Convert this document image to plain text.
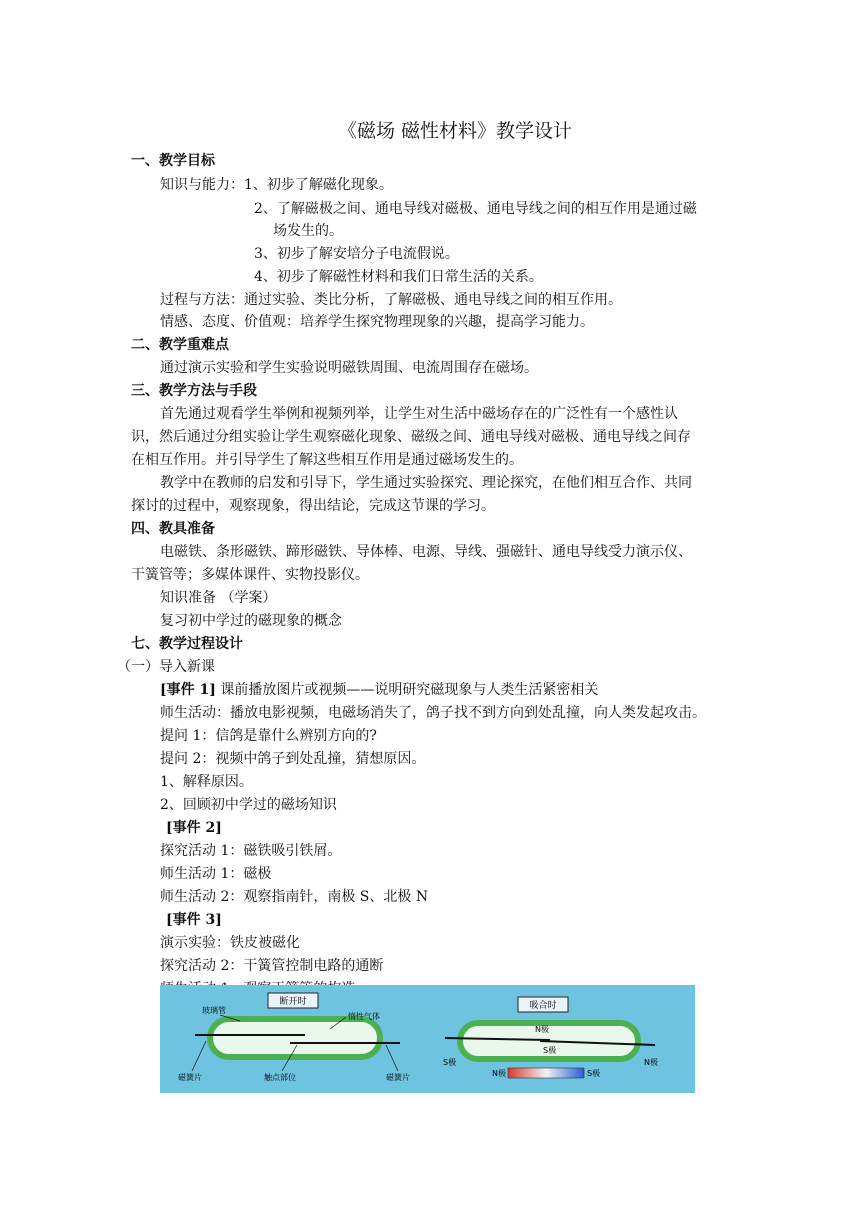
《磁场 磁性材料》教学设计
一、教学目标
知识与能力：1、初步了解磁化现象。
2、了解磁极之间、通电导线对磁极、通电导线之间的相互作用是通过磁
场发生的。
3、初步了解安培分子电流假说。
4、初步了解磁性材料和我们日常生活的关系。
过程与方法：通过实验、类比分析，了解磁极、通电导线之间的相互作用。
情感、态度、价值观：培养学生探究物理现象的兴趣，提高学习能力。
二、教学重难点
通过演示实验和学生实验说明磁铁周围、电流周围存在磁场。
三、教学方法与手段
首先通过观看学生举例和视频列举，让学生对生活中磁场存在的广泛性有一个感性认
识，然后通过分组实验让学生观察磁化现象、磁级之间、通电导线对磁极、通电导线之间存
在相互作用。并引导学生了解这些相互作用是通过磁场发生的。
教学中在教师的启发和引导下，学生通过实验探究、理论探究，在他们相互合作、共同
探讨的过程中，观察现象，得出结论，完成这节课的学习。
四、教具准备
电磁铁、条形磁铁、蹄形磁铁、导体棒、电源、导线、强磁针、通电导线受力演示仪、
干簧管等；多媒体课件、实物投影仪。
知识准备 （学案）
复习初中学过的磁现象的概念
七、教学过程设计
（一）导入新课
[事件 1] 课前播放图片或视频——说明研究磁现象与人类生活紧密相关
师生活动：播放电影视频，电磁场消失了，鸽子找不到方向到处乱撞，向人类发起攻击。
提问 1：信鸽是靠什么辨别方向的?
提问 2：视频中鸽子到处乱撞，猜想原因。
1、解释原因。
2、回顾初中学过的磁场知识
[事件 2]
探究活动 1：磁铁吸引铁屑。
师生活动 1：磁极
师生活动 2：观察指南针，南极 S、北极 N
[事件 3]
演示实验：铁皮被磁化
探究活动 2：干簧管控制电路的通断
断开时
玻璃管
惰性气体
磁簧片	触点部位	磁簧片
吸合时
N极
S极
S极	N极
N极	S极
